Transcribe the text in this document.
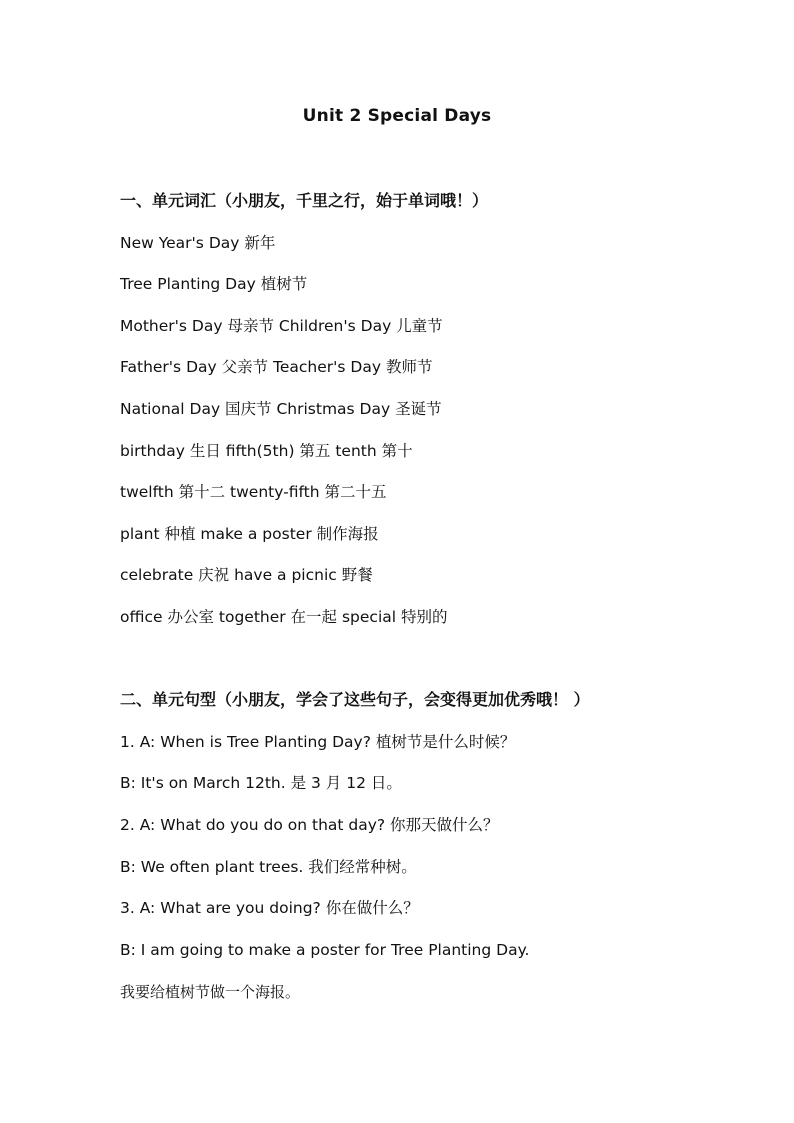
Unit 2 Special Days
一、单元词汇（小朋友，千里之行，始于单词哦！）
New Year's Day 新年
Tree Planting Day 植树节
Mother's Day 母亲节 Children's Day 儿童节
Father's Day 父亲节 Teacher's Day 教师节
National Day 国庆节 Christmas Day 圣诞节
birthday 生日 fifth(5th) 第五 tenth 第十
twelfth 第十二 twenty-fifth 第二十五
plant 种植 make a poster 制作海报
celebrate 庆祝 have a picnic 野餐
office 办公室 together 在一起 special 特别的
二、单元句型（小朋友，学会了这些句子，会变得更加优秀哦！ ）
1. A: When is Tree Planting Day? 植树节是什么时候？
B: It's on March 12th. 是 3 月 12 日。
2. A: What do you do on that day? 你那天做什么？
B: We often plant trees. 我们经常种树。
3. A: What are you doing? 你在做什么？
B: I am going to make a poster for Tree Planting Day.
我要给植树节做一个海报。
